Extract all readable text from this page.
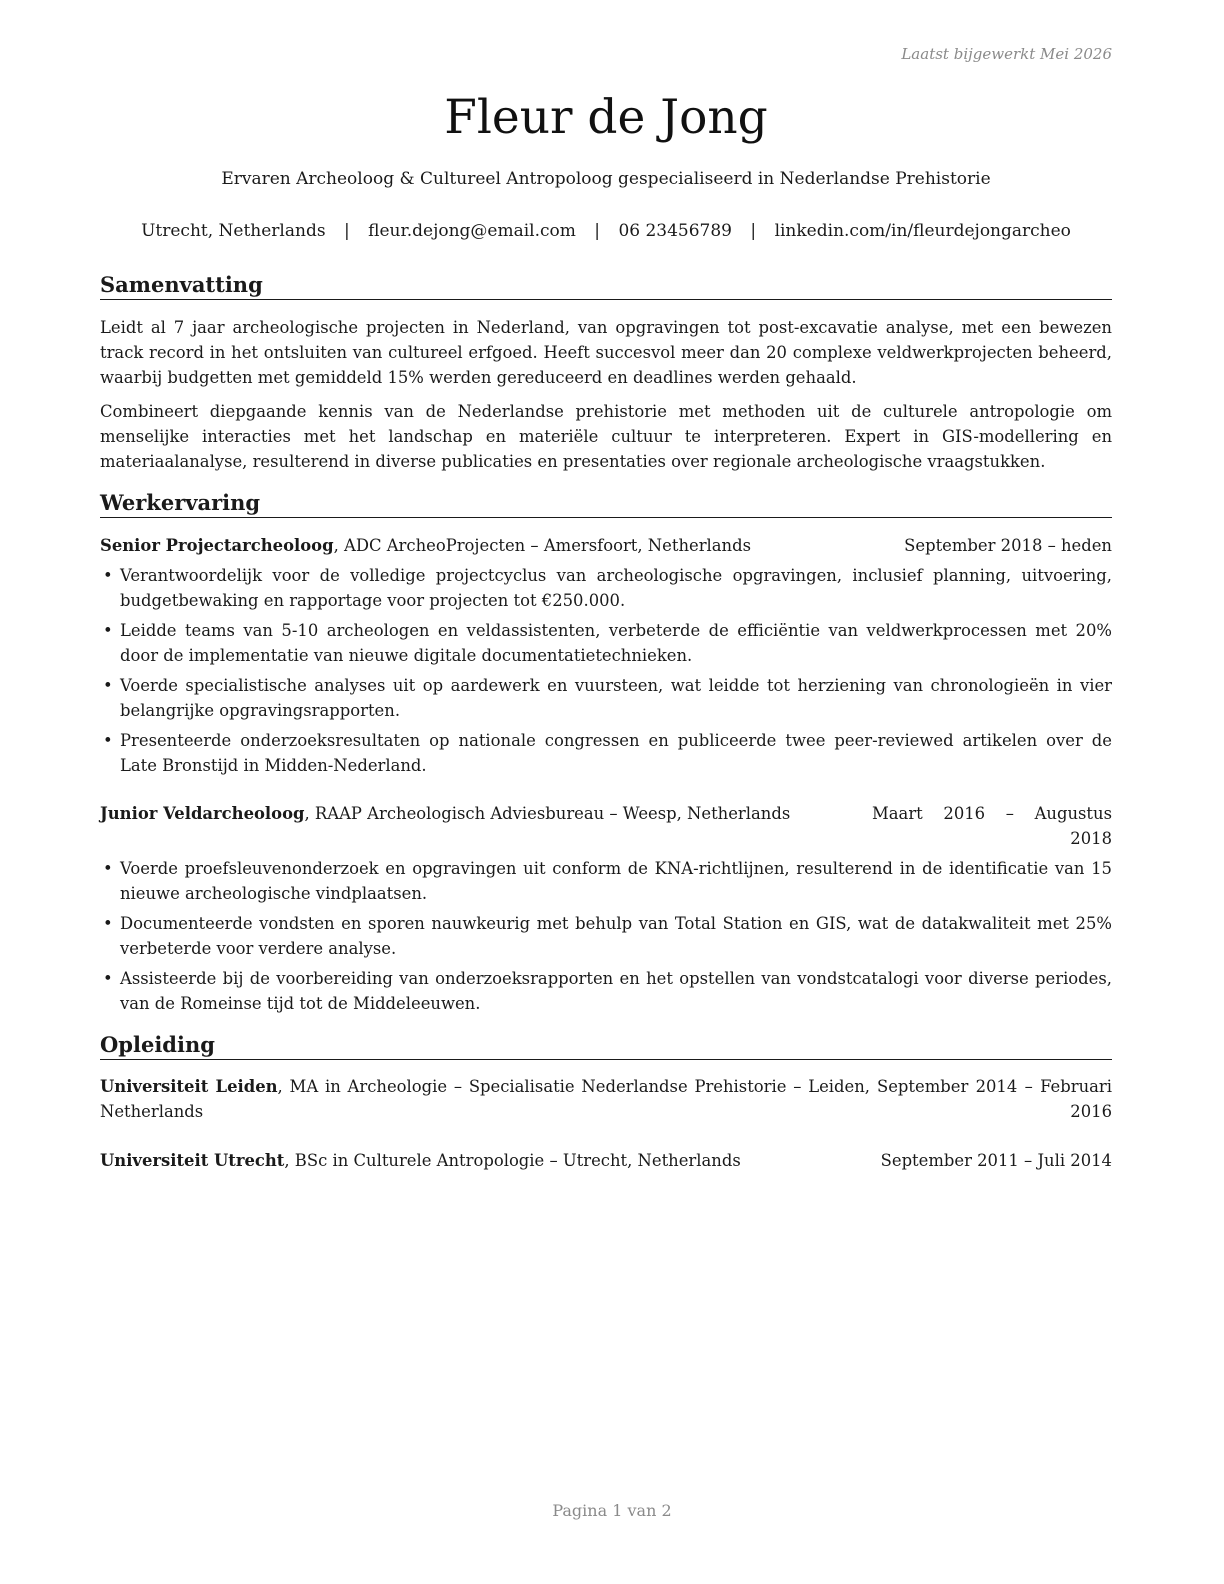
Laatst bijgewerkt Mei 2026
Fleur de Jong
Ervaren Archeoloog & Cultureel Antropoloog gespecialiseerd in Nederlandse Prehistorie
Utrecht, Netherlands | fleur.dejong@email.com | 06 23456789 | linkedin.com/in/fleurdejongarcheo
Samenvatting
Leidt al 7 jaar archeologische projecten in Nederland, van opgravingen tot post-excavatie analyse, met een bewezen track record in het ontsluiten van cultureel erfgoed. Heeft succesvol meer dan 20 complexe veldwerkprojecten beheerd, waarbij budgetten met gemiddeld 15% werden gereduceerd en deadlines werden gehaald.
Combineert diepgaande kennis van de Nederlandse prehistorie met methoden uit de culturele antropologie om menselijke interacties met het landschap en materiële cultuur te interpreteren. Expert in GIS-modellering en materiaalanalyse, resulterend in diverse publicaties en presentaties over regionale archeologische vraagstukken.
Werkervaring
Senior Projectarcheoloog, ADC ArcheoProjecten – Amersfoort, Netherlands	September 2018 – heden
• Verantwoordelijk voor de volledige projectcyclus van archeologische opgravingen, inclusief planning, uitvoering, budgetbewaking en rapportage voor projecten tot €250.000.
• Leidde teams van 5-10 archeologen en veldassistenten, verbeterde de efficiëntie van veldwerkprocessen met 20% door de implementatie van nieuwe digitale documentatietechnieken.
• Voerde specialistische analyses uit op aardewerk en vuursteen, wat leidde tot herziening van chronologieën in vier belangrijke opgravingsrapporten.
• Presenteerde onderzoeksresultaten op nationale congressen en publiceerde twee peer-reviewed artikelen over de Late Bronstijd in Midden-Nederland.
Junior Veldarcheoloog, RAAP Archeologisch Adviesbureau – Weesp, Netherlands	Maart 2016 – Augustus 2018
• Voerde proefsleuvenonderzoek en opgravingen uit conform de KNA-richtlijnen, resulterend in de identificatie van 15 nieuwe archeologische vindplaatsen.
• Documenteerde vondsten en sporen nauwkeurig met behulp van Total Station en GIS, wat de datakwaliteit met 25% verbeterde voor verdere analyse.
• Assisteerde bij de voorbereiding van onderzoeksrapporten en het opstellen van vondstcatalogi voor diverse periodes, van de Romeinse tijd tot de Middeleeuwen.
Opleiding
Universiteit Leiden, MA in Archeologie – Specialisatie Nederlandse Prehistorie – Leiden, Netherlands
September 2014 – Februari 2016
Universiteit Utrecht, BSc in Culturele Antropologie – Utrecht, Netherlands	September 2011 – Juli 2014
Pagina 1 van 2
